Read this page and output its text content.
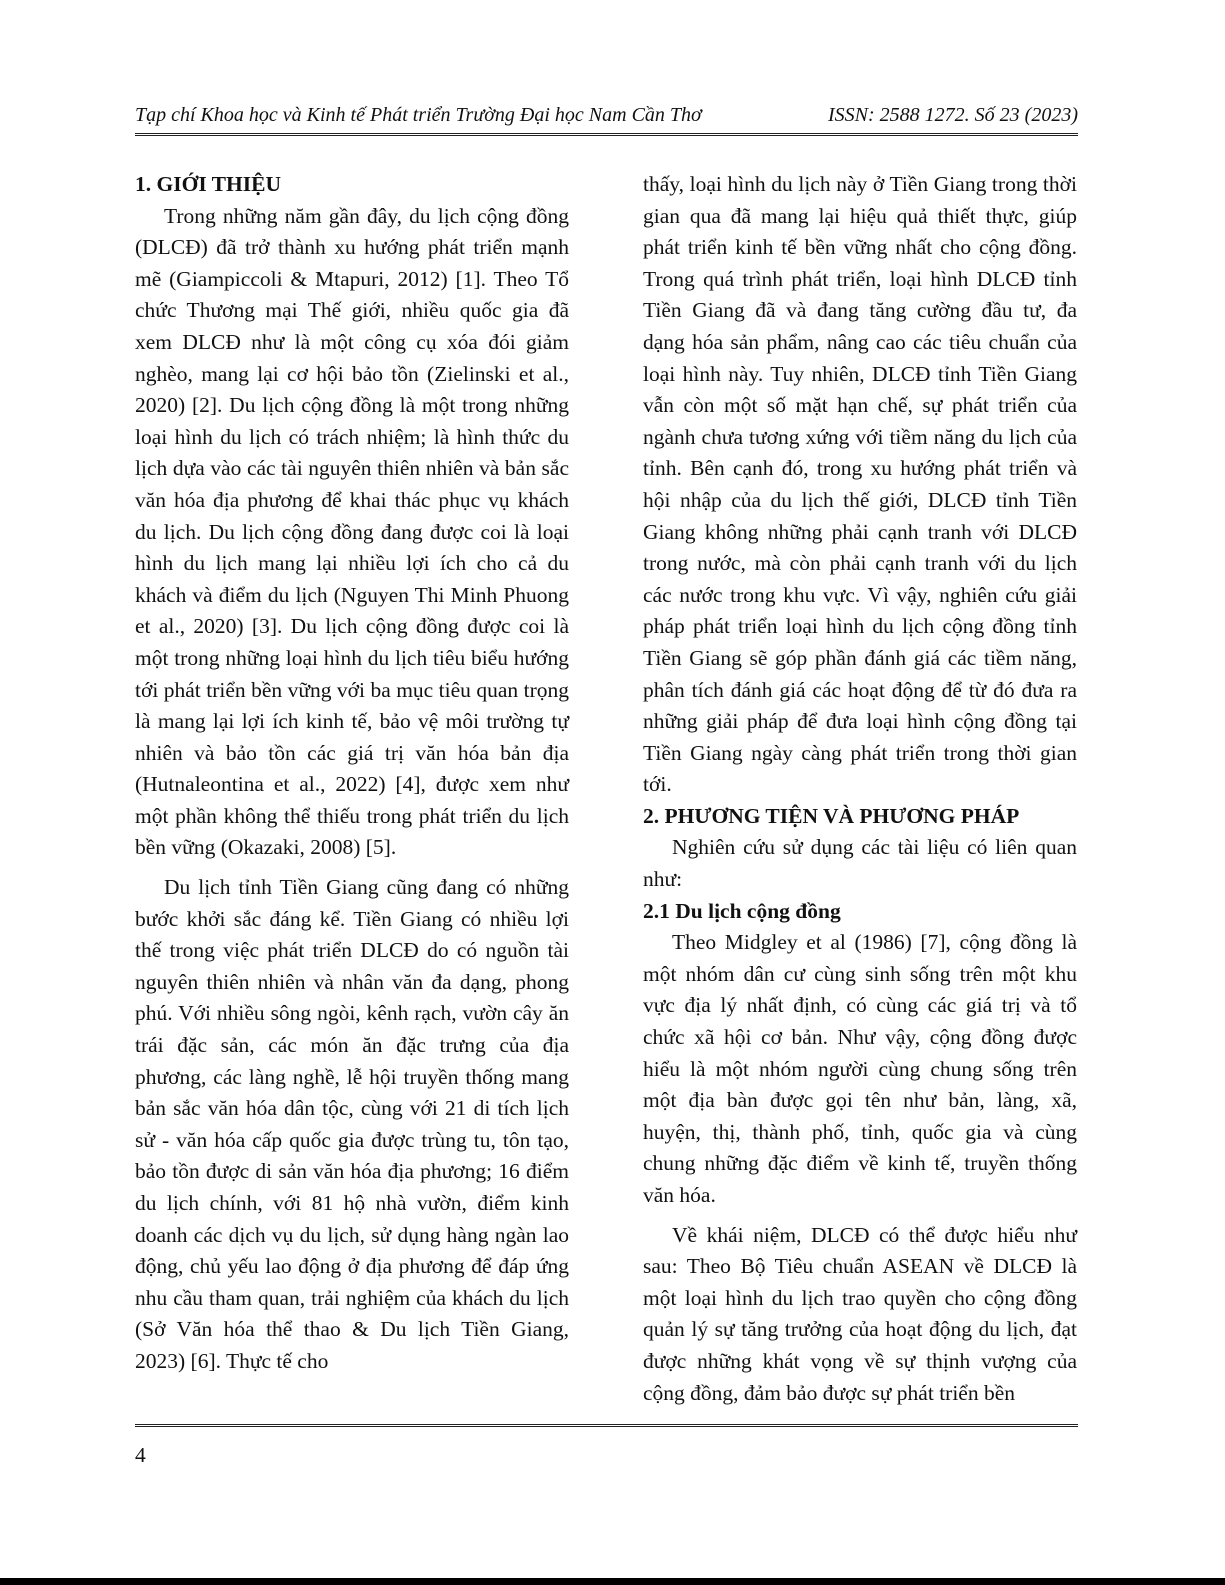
Tạp chí Khoa học và Kinh tế Phát triển Trường Đại học Nam Cần Thơ	ISSN: 2588 1272. Số 23 (2023)
1. GIỚI THIỆU

Trong những năm gần đây, du lịch cộng đồng (DLCĐ) đã trở thành xu hướng phát triển mạnh mẽ (Giampiccoli & Mtapuri, 2012) [1]. Theo Tổ chức Thương mại Thế giới, nhiều quốc gia đã xem DLCĐ như là một công cụ xóa đói giảm nghèo, mang lại cơ hội bảo tồn (Zielinski et al., 2020) [2]. Du lịch cộng đồng là một trong những loại hình du lịch có trách nhiệm; là hình thức du lịch dựa vào các tài nguyên thiên nhiên và bản sắc văn hóa địa phương để khai thác phục vụ khách du lịch. Du lịch cộng đồng đang được coi là loại hình du lịch mang lại nhiều lợi ích cho cả du khách và điểm du lịch (Nguyen Thi Minh Phuong et al., 2020) [3]. Du lịch cộng đồng được coi là một trong những loại hình du lịch tiêu biểu hướng tới phát triển bền vững với ba mục tiêu quan trọng là mang lại lợi ích kinh tế, bảo vệ môi trường tự nhiên và bảo tồn các giá trị văn hóa bản địa (Hutnaleontina et al., 2022) [4], được xem như một phần không thể thiếu trong phát triển du lịch bền vững (Okazaki, 2008) [5].

Du lịch tỉnh Tiền Giang cũng đang có những bước khởi sắc đáng kể. Tiền Giang có nhiều lợi thế trong việc phát triển DLCĐ do có nguồn tài nguyên thiên nhiên và nhân văn đa dạng, phong phú. Với nhiều sông ngòi, kênh rạch, vườn cây ăn trái đặc sản, các món ăn đặc trưng của địa phương, các làng nghề, lễ hội truyền thống mang bản sắc văn hóa dân tộc, cùng với 21 di tích lịch sử - văn hóa cấp quốc gia được trùng tu, tôn tạo, bảo tồn được di sản văn hóa địa phương; 16 điểm du lịch chính, với 81 hộ nhà vườn, điểm kinh doanh các dịch vụ du lịch, sử dụng hàng ngàn lao động, chủ yếu lao động ở địa phương để đáp ứng nhu cầu tham quan, trải nghiệm của khách du lịch (Sở Văn hóa thể thao & Du lịch Tiền Giang, 2023) [6]. Thực tế cho

thấy, loại hình du lịch này ở Tiền Giang trong thời gian qua đã mang lại hiệu quả thiết thực, giúp phát triển kinh tế bền vững nhất cho cộng đồng. Trong quá trình phát triển, loại hình DLCĐ tỉnh Tiền Giang đã và đang tăng cường đầu tư, đa dạng hóa sản phẩm, nâng cao các tiêu chuẩn của loại hình này. Tuy nhiên, DLCĐ tỉnh Tiền Giang vẫn còn một số mặt hạn chế, sự phát triển của ngành chưa tương xứng với tiềm năng du lịch của tỉnh. Bên cạnh đó, trong xu hướng phát triển và hội nhập của du lịch thế giới, DLCĐ tỉnh Tiền Giang không những phải cạnh tranh với DLCĐ trong nước, mà còn phải cạnh tranh với du lịch các nước trong khu vực. Vì vậy, nghiên cứu giải pháp phát triển loại hình du lịch cộng đồng tỉnh Tiền Giang sẽ góp phần đánh giá các tiềm năng, phân tích đánh giá các hoạt động để từ đó đưa ra những giải pháp để đưa loại hình cộng đồng tại Tiền Giang ngày càng phát triển trong thời gian tới.

2. PHƯƠNG TIỆN VÀ PHƯƠNG PHÁP

Nghiên cứu sử dụng các tài liệu có liên quan như:

2.1 Du lịch cộng đồng

Theo Midgley et al (1986) [7], cộng đồng là một nhóm dân cư cùng sinh sống trên một khu vực địa lý nhất định, có cùng các giá trị và tổ chức xã hội cơ bản. Như vậy, cộng đồng được hiểu là một nhóm người cùng chung sống trên một địa bàn được gọi tên như bản, làng, xã, huyện, thị, thành phố, tỉnh, quốc gia và cùng chung những đặc điểm về kinh tế, truyền thống văn hóa.

Về khái niệm, DLCĐ có thể được hiểu như sau: Theo Bộ Tiêu chuẩn ASEAN về DLCĐ là một loại hình du lịch trao quyền cho cộng đồng quản lý sự tăng trưởng của hoạt động du lịch, đạt được những khát vọng về sự thịnh vượng của cộng đồng, đảm bảo được sự phát triển bền

4
